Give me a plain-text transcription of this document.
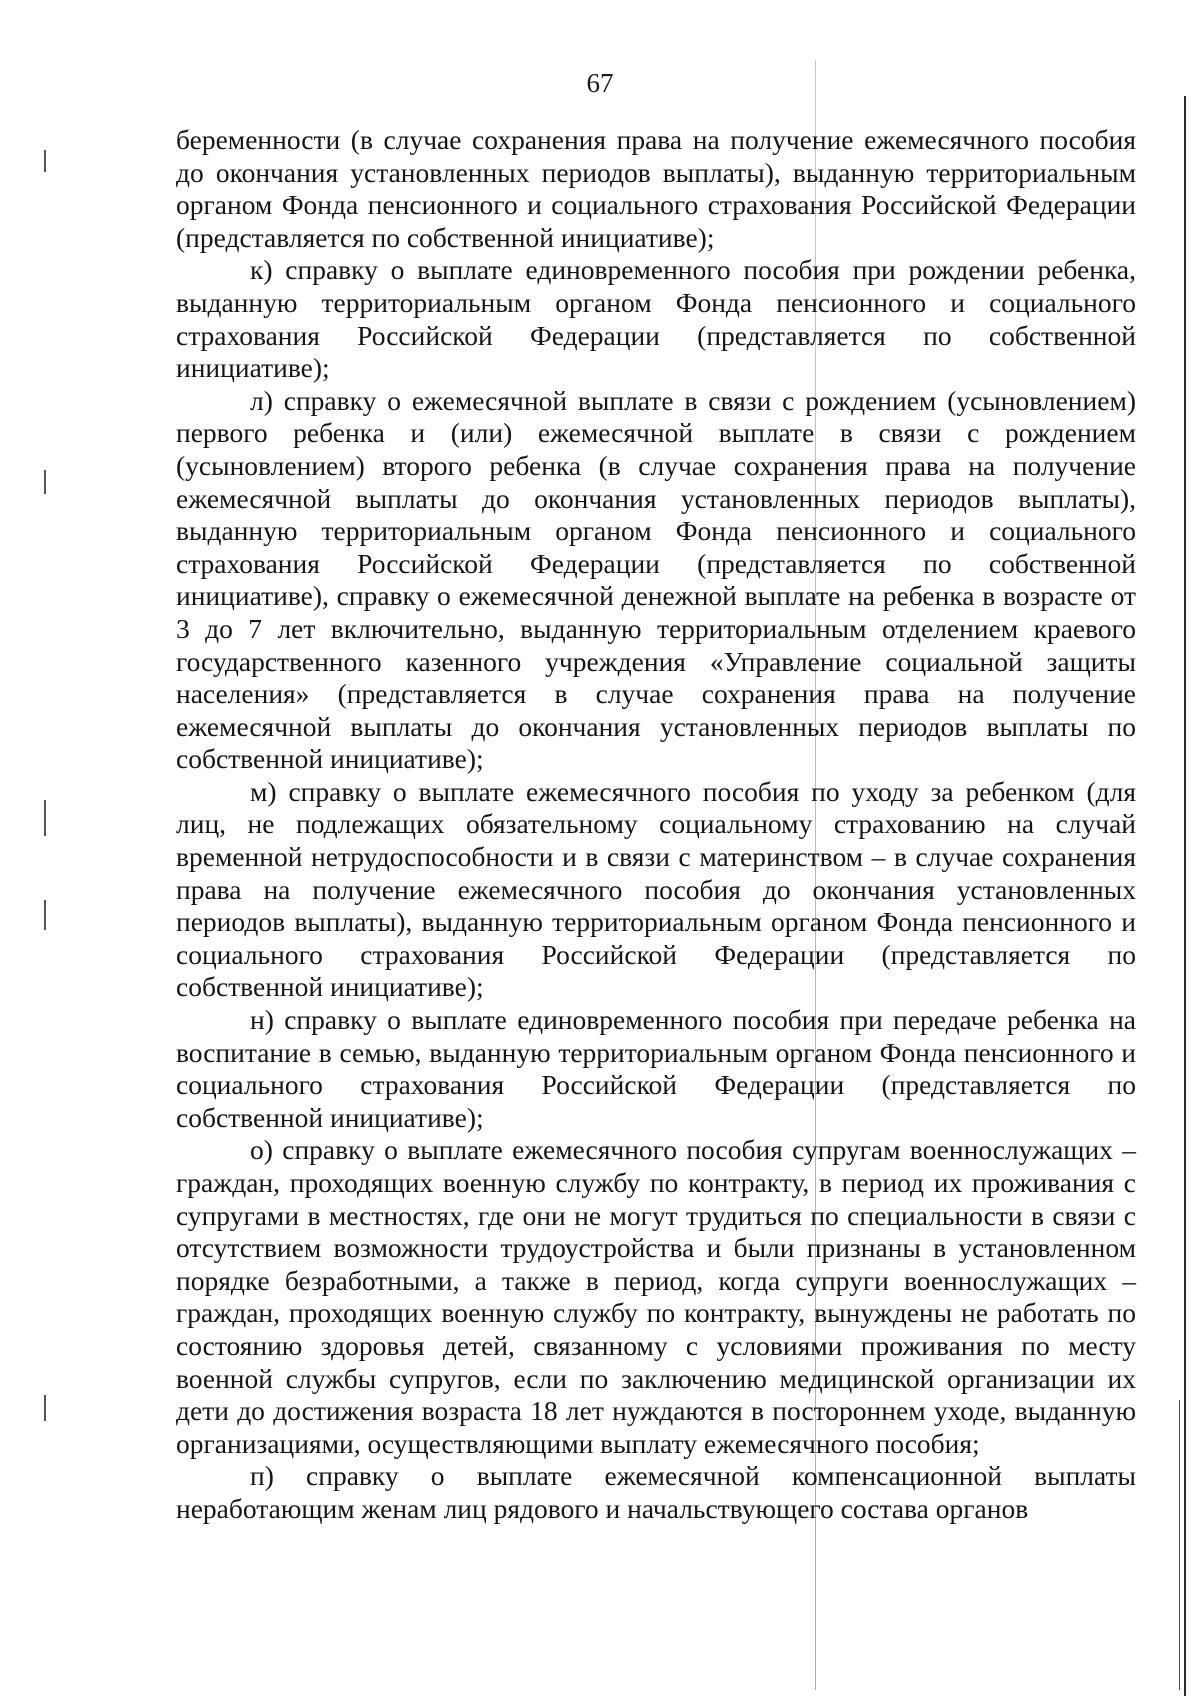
67

беременности (в случае сохранения права на получение ежемесячного пособия до окончания установленных периодов выплаты), выданную территориальным органом Фонда пенсионного и социального страхования Российской Федерации (представляется по собственной инициативе);

к) справку о выплате единовременного пособия при рождении ребенка, выданную территориальным органом Фонда пенсионного и социального страхования Российской Федерации (представляется по собственной инициативе);

л) справку о ежемесячной выплате в связи с рождением (усыновлением) первого ребенка и (или) ежемесячной выплате в связи с рождением (усыновлением) второго ребенка (в случае сохранения права на получение ежемесячной выплаты до окончания установленных периодов выплаты), выданную территориальным органом Фонда пенсионного и социального страхования Российской Федерации (представляется по собственной инициативе), справку о ежемесячной денежной выплате на ребенка в возрасте от 3 до 7 лет включительно, выданную территориальным отделением краевого государственного казенного учреждения «Управление социальной защиты населения» (представляется в случае сохранения права на получение ежемесячной выплаты до окончания установленных периодов выплаты по собственной инициативе);

м) справку о выплате ежемесячного пособия по уходу за ребенком (для лиц, не подлежащих обязательному социальному страхованию на случай временной нетрудоспособности и в связи с материнством – в случае сохранения права на получение ежемесячного пособия до окончания установленных периодов выплаты), выданную территориальным органом Фонда пенсионного и социального страхования Российской Федерации (представляется по собственной инициативе);

н) справку о выплате единовременного пособия при передаче ребенка на воспитание в семью, выданную территориальным органом Фонда пенсионного и социального страхования Российской Федерации (представляется по собственной инициативе);

о) справку о выплате ежемесячного пособия супругам военнослужащих – граждан, проходящих военную службу по контракту, в период их проживания с супругами в местностях, где они не могут трудиться по специальности в связи с отсутствием возможности трудоустройства и были признаны в установленном порядке безработными, а также в период, когда супруги военнослужащих – граждан, проходящих военную службу по контракту, вынуждены не работать по состоянию здоровья детей, связанному с условиями проживания по месту военной службы супругов, если по заключению медицинской организации их дети до достижения возраста 18 лет нуждаются в постороннем уходе, выданную организациями, осуществляющими выплату ежемесячного пособия;

п) справку о выплате ежемесячной компенсационной выплаты неработающим женам лиц рядового и начальствующего состава органов
